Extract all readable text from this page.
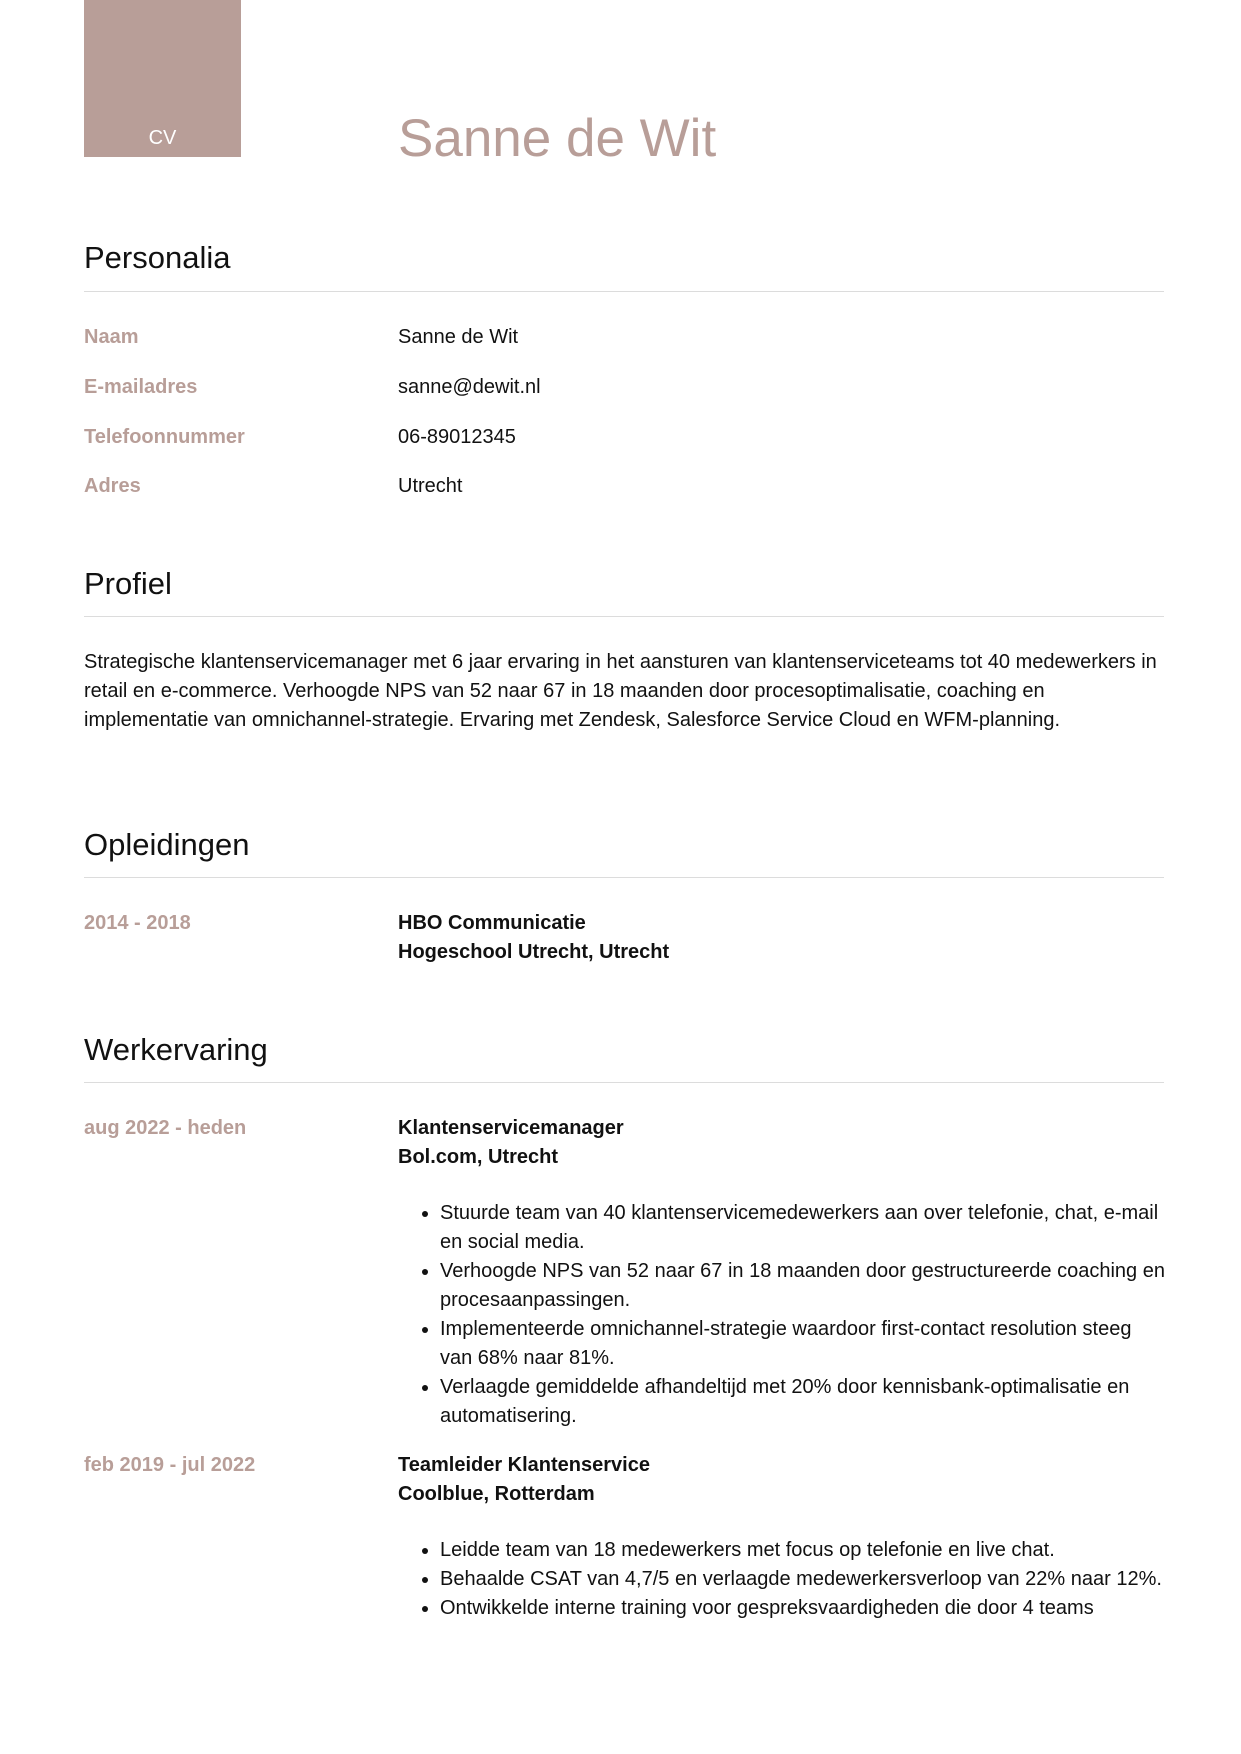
CV	Sanne de Wit
Personalia
Naam	Sanne de Wit
E-mailadres	sanne@dewit.nl
Telefoonnummer	06-89012345
Adres	Utrecht
Profiel

Strategische klantenservicemanager met 6 jaar ervaring in het aansturen van klantenserviceteams tot 40 medewerkers in retail en e-commerce. Verhoogde NPS van 52 naar 67 in 18 maanden door procesoptimalisatie, coaching en implementatie van omnichannel-strategie. Ervaring met Zendesk, Salesforce Service Cloud en WFM-planning.

Opleidingen
2014 - 2018	HBO Communicatie
Hogeschool Utrecht, Utrecht
Werkervaring
aug 2022 - heden	Klantenservicemanager
Bol.com, Utrecht
• Stuurde team van 40 klantenservicemedewerkers aan over telefonie, chat, e-mail en social media.
• Verhoogde NPS van 52 naar 67 in 18 maanden door gestructureerde coaching en procesaanpassingen.
• Implementeerde omnichannel-strategie waardoor first-contact resolution steeg van 68% naar 81%.
• Verlaagde gemiddelde afhandeltijd met 20% door kennisbank-optimalisatie en automatisering.
feb 2019 - jul 2022	Teamleider Klantenservice
Coolblue, Rotterdam
• Leidde team van 18 medewerkers met focus op telefonie en live chat.
• Behaalde CSAT van 4,7/5 en verlaagde medewerkersverloop van 22% naar 12%.
• Ontwikkelde interne training voor gespreksvaardigheden die door 4 teams
